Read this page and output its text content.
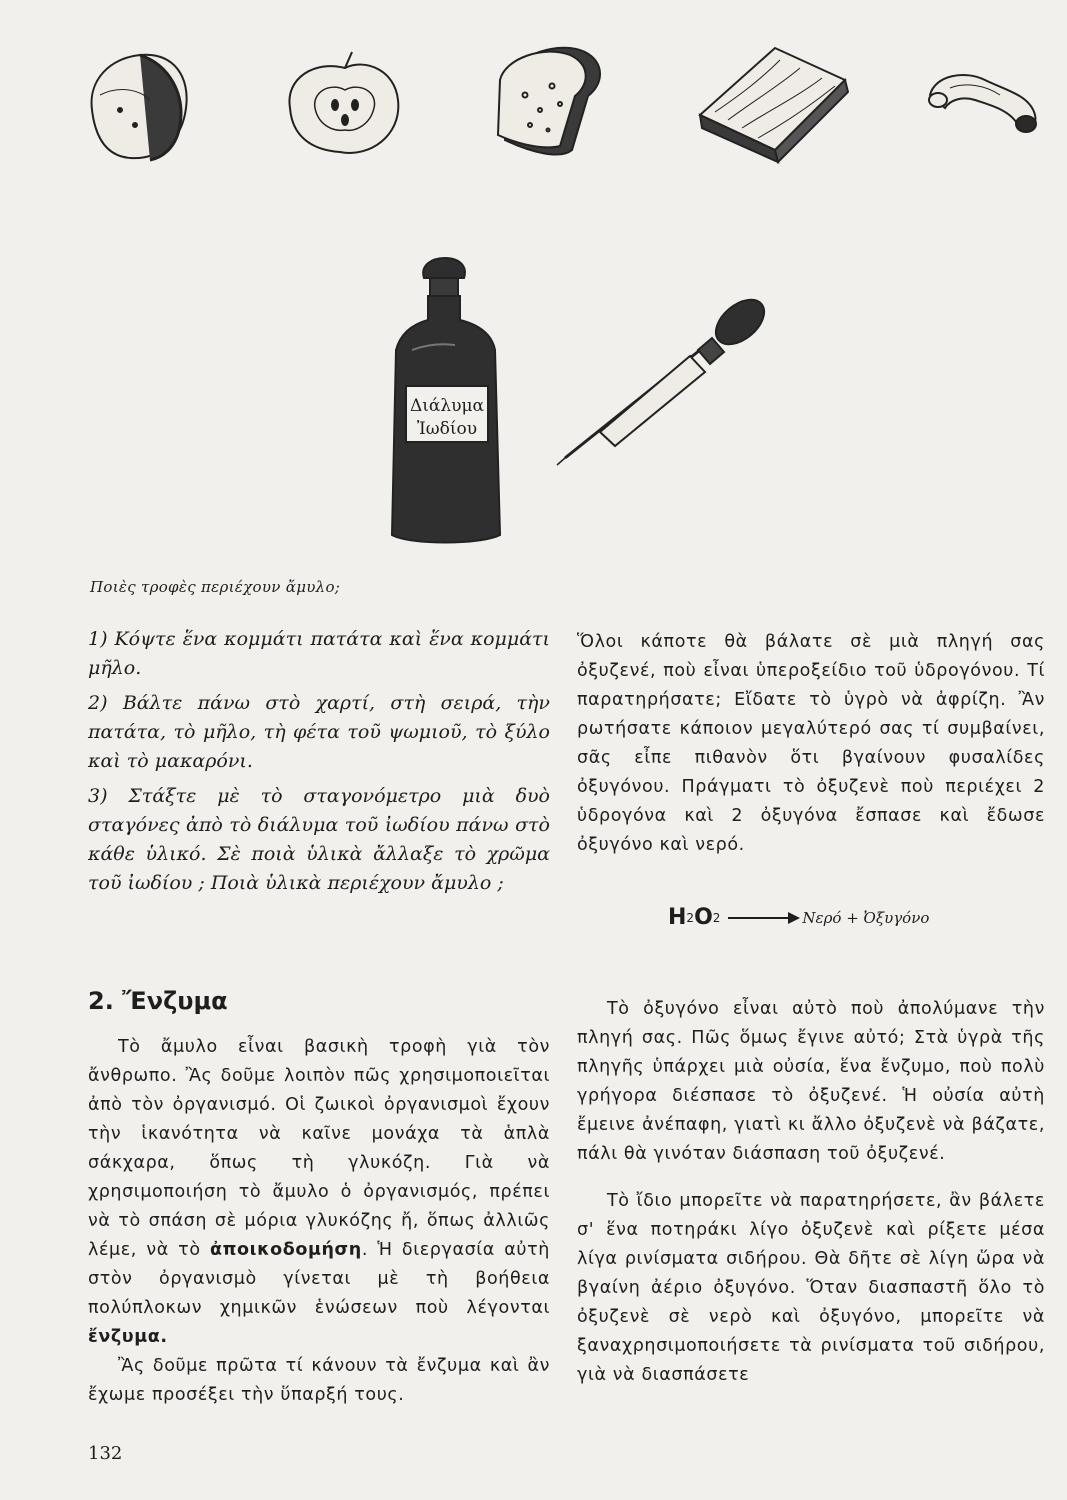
Διάλυμα
Ἰωδίου
Ποιὲς τροφὲς περιέχουν ἄμυλο;

1) Κόψτε ἕνα κομμάτι πατάτα καὶ ἕνα κομμάτι μῆλο.

2) Βάλτε πάνω στὸ χαρτί, στὴ σειρά, τὴν πατάτα, τὸ μῆλο, τὴ φέτα τοῦ ψωμιοῦ, τὸ ξύλο καὶ τὸ μακαρόνι.

3) Στάξτε μὲ τὸ σταγονόμετρο μιὰ δυὸ σταγόνες ἀπὸ τὸ διάλυμα τοῦ ἰωδίου πάνω στὸ κάθε ὑλικό. Σὲ ποιὰ ὑλικὰ ἄλλαξε τὸ χρῶμα τοῦ ἰωδίου ; Ποιὰ ὑλικὰ περιέχουν ἄμυλο ;

2. Ἔνζυμα

Τὸ ἄμυλο εἶναι βασικὴ τροφὴ γιὰ τὸν ἄνθρωπο. Ἂς δοῦμε λοιπὸν πῶς χρησιμοποιεῖται ἀπὸ τὸν ὀργανισμό. Οἱ ζωικοὶ ὀργανισμοὶ ἔχουν τὴν ἱκανότητα νὰ καῖνε μονάχα τὰ ἁπλὰ σάκχαρα, ὅπως τὴ γλυκόζη. Γιὰ νὰ χρησιμοποιήση τὸ ἄμυλο ὁ ὀργανισμός, πρέπει νὰ τὸ σπάση σὲ μόρια γλυκόζης ἤ, ὅπως ἀλλιῶς λέμε, νὰ τὸ ἀποικοδομήση. Ἡ διεργασία αὐτὴ στὸν ὀργανισμὸ γίνεται μὲ τὴ βοήθεια πολύπλοκων χημικῶν ἑνώσεων ποὺ λέγονται ἔνζυμα.

Ἂς δοῦμε πρῶτα τί κάνουν τὰ ἔνζυμα καὶ ἂν ἔχωμε προσέξει τὴν ὕπαρξή τους.

Ὅλοι κάποτε θὰ βάλατε σὲ μιὰ πληγή σας ὀξυζενέ, ποὺ εἶναι ὑπεροξείδιο τοῦ ὑδρογόνου. Τί παρατηρήσατε; Εἴδατε τὸ ὑγρὸ νὰ ἀφρίζη. Ἂν ρωτήσατε κάποιον μεγαλύτερό σας τί συμβαίνει, σᾶς εἶπε πιθανὸν ὅτι βγαίνουν φυσαλίδες ὀξυγόνου. Πράγματι τὸ ὀξυζενὲ ποὺ περιέχει 2 ὑδρογόνα καὶ 2 ὀξυγόνα ἔσπασε καὶ ἔδωσε ὀξυγόνο καὶ νερό.

H 2 O 2 → Νερό + Ὀξυγόνο

Τὸ ὀξυγόνο εἶναι αὐτὸ ποὺ ἀπολύμανε τὴν πληγή σας. Πῶς ὅμως ἔγινε αὐτό; Στὰ ὑγρὰ τῆς πληγῆς ὑπάρχει μιὰ οὐσία, ἕνα ἔνζυμο, ποὺ πολὺ γρήγορα διέσπασε τὸ ὀξυζενέ. Ἡ οὐσία αὐτὴ ἔμεινε ἀνέπαφη, γιατὶ κι ἄλλο ὀξυζενὲ νὰ βάζατε, πάλι θὰ γινόταν διάσπαση τοῦ ὀξυζενέ.

Τὸ ἴδιο μπορεῖτε νὰ παρατηρήσετε, ἂν βάλετε σ' ἕνα ποτηράκι λίγο ὀξυζενὲ καὶ ρίξετε μέσα λίγα ρινίσματα σιδήρου. Θὰ δῆτε σὲ λίγη ὥρα νὰ βγαίνη ἀέριο ὀξυγόνο. Ὅταν διασπαστῆ ὅλο τὸ ὀξυζενὲ σὲ νερὸ καὶ ὀξυγόνο, μπορεῖτε νὰ ξαναχρησιμοποιήσετε τὰ ρινίσματα τοῦ σιδήρου, γιὰ νὰ διασπάσετε

132
